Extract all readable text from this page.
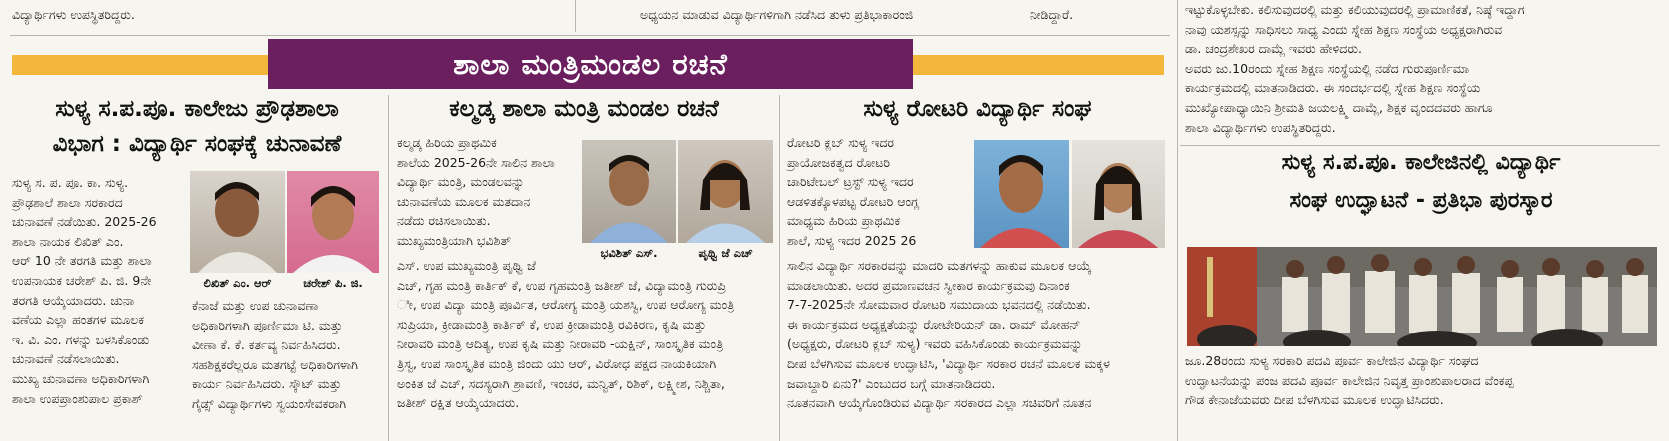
ವಿದ್ಯಾರ್ಥಿಗಳು ಉಪಸ್ಥಿತರಿದ್ದರು.	ಅಧ್ಯಯನ ಮಾಡುವ ವಿದ್ಯಾರ್ಥಿಗಳಿಗಾಗಿ ನಡೆಸಿದ ತುಳು ಪ್ರತಿಭಾಕಾರಂಜಿ	ನೀಡಿದ್ದಾರೆ.
ಶಾಲಾ ಮಂತ್ರಿಮಂಡಲ ರಚನೆ
ಸುಳ್ಯ ಸ.ಪ.ಪೂ. ಕಾಲೇಜು ಪ್ರೌಢಶಾಲಾ
ವಿಭಾಗ : ವಿದ್ಯಾರ್ಥಿ ಸಂಘಕ್ಕೆ ಚುನಾವಣೆ
ಸುಳ್ಯ ಸ. ಪ. ಪೂ. ಕಾ. ಸುಳ್ಯ.
ಪ್ರೌಢಶಾಲೆ ಶಾಲಾ ಸರಕಾರದ
ಚುನಾವಣೆ ನಡೆಯಿತು. 2025-26
ಶಾಲಾ ನಾಯಕ ಲಿಖಿತ್ ಎಂ.
ಆರ್ 10 ನೇ ತರಗತಿ ಮತ್ತು ಶಾಲಾ
ಉಪನಾಯಕ ಚರೇಶ್ ಪಿ. ಜಿ. 9ನೇ
ತರಗತಿ ಆಯ್ಕೆಯಾದರು. ಚುನಾ
ವಣೆಯ ಎಲ್ಲಾ ಹಂತಗಳ ಮೂಲಕ
ಇ. ವಿ. ಎಂ. ಗಳನ್ನು ಬಳಸಿಕೊಂಡು
ಚುನಾವಣೆ ನಡೆಸಲಾಯಿತು.
ಮುಖ್ಯ ಚುನಾವಣಾ ಅಧಿಕಾರಿಗಳಾಗಿ
ಶಾಲಾ ಉಪಪ್ರಾಂಶುಪಾಲ ಪ್ರಕಾಶ್
ಲಿಖಿತ್ ಎಂ. ಆರ್	ಚರೇಶ್ ಪಿ. ಜಿ.
ಕೆನಾಜೆ ಮತ್ತು ಉಪ ಚುನಾವಣಾ
ಅಧಿಕಾರಿಗಳಾಗಿ ಪೂರ್ಣಿಮಾ ಟಿ. ಮತ್ತು
ವೀಣಾ ಕೆ. ಕೆ. ಕರ್ತವ್ಯ ನಿರ್ವಹಿಸಿದರು.
ಸಹಶಿಕ್ಷಕರೆಲ್ಲರೂ ಮತಗಟ್ಟೆ ಅಧಿಕಾರಿಗಳಾಗಿ
ಕಾರ್ಯ ನಿರ್ವಹಿಸಿದರು. ಸ್ಕೌಟ್ ಮತ್ತು
ಗೈಡ್ಸ್ ವಿದ್ಯಾರ್ಥಿಗಳು ಸ್ವಯಂಸೇವಕರಾಗಿ
ಕಲ್ಮಡ್ಕ ಶಾಲಾ ಮಂತ್ರಿ ಮಂಡಲ ರಚನೆ
ಕಲ್ಮಡ್ಕ ಹಿರಿಯ ಪ್ರಾಥಮಿಕ
ಶಾಲೆಯ 2025-26ನೇ ಸಾಲಿನ ಶಾಲಾ
ವಿದ್ಯಾರ್ಥಿ ಮಂತ್ರಿ, ಮಂಡಲವನ್ನು
ಚುನಾವಣೆಯ ಮೂಲಕ ಮತದಾನ
ನಡೆದು ರಚಿಸಲಾಯಿತು.
ಮುಖ್ಯಮಂತ್ರಿಯಾಗಿ ಭವಿಶಿತ್
ಭವಿಶಿತ್ ಎಸ್.	ಪೃಥ್ವಿ ಜೆ ಎಚ್
ಎಸ್. ಉಪ ಮುಖ್ಯಮಂತ್ರಿ ಪೃಥ್ವಿ ಜೆ
ಎಚ್, ಗೃಹ ಮಂತ್ರಿ ಕಾರ್ತಿಕ್ ಕೆ, ಉಪ ಗೃಹಮಂತ್ರಿ ಜತೀಶ್ ಜೆ, ವಿದ್ಯಾಮಂತ್ರಿ ಗುರುಪ್ರಿ
ೀ, ಉಪ ವಿದ್ಯಾ ಮಂತ್ರಿ ಪೂರ್ವಿತ, ಆರೋಗ್ಯ ಮಂತ್ರಿ ಯಶಸ್ವಿ, ಉಪ ಆರೋಗ್ಯ ಮಂತ್ರಿ
ಸುಪ್ರಿಯಾ, ಕ್ರೀಡಾಮಂತ್ರಿ ಕಾರ್ತಿಕ್ ಕೆ, ಉಪ ಕ್ರೀಡಾಮಂತ್ರಿ ರವಿಕಿರಣ, ಕೃಷಿ ಮತ್ತು
ನೀರಾವರಿ ಮಂತ್ರಿ ಆದಿತ್ಯ, ಉಪ ಕೃಷಿ ಮತ್ತು ನೀರಾವರಿ -ಯಕ್ಷಿನ್, ಸಾಂಸ್ಕೃತಿಕ ಮಂತ್ರಿ
ತ್ರಿಸ್ವ, ಉಪ ಸಾಂಸ್ಕೃತಿಕ ಮಂತ್ರಿ ಜಿಂದು ಯು ಆರ್, ವಿರೋಧ ಪಕ್ಷದ ನಾಯಕಿಯಾಗಿ
ಅಂಕಿತ ಜೆ ಎಚ್, ಸದಸ್ಯರಾಗಿ ಶ್ರಾವಣಿ, ಇಂಚರ, ಮನ್ವಿತ್, ರಿಶಿಕ್, ಲಕ್ಷ್ಮೀಶ, ನಿಶ್ಚಿತಾ,
ಜತೀಶ್ ರಕ್ಷಿತ ಆಯ್ಕೆಯಾದರು.
ಸುಳ್ಯ ರೋಟರಿ ವಿದ್ಯಾರ್ಥಿ ಸಂಘ
ರೋಟರಿ ಕ್ಲಬ್ ಸುಳ್ಯ ಇದರ
ಪ್ರಾಯೋಜಕತ್ವದ ರೋಟರಿ
ಚಾರಿಟೇಬಲ್ ಟ್ರಸ್ಟ್ ಸುಳ್ಯ ಇದರ
ಆಡಳಿತಕ್ಕೊಳಪಟ್ಟ ರೋಟರಿ ಆಂಗ್ಲ
ಮಾಧ್ಯಮ ಹಿರಿಯ ಪ್ರಾಥಮಿಕ
ಶಾಲೆ, ಸುಳ್ಯ ಇದರ 2025 26
ಸಾಲಿನ ವಿದ್ಯಾರ್ಥಿ ಸರಕಾರವನ್ನು ಮಾದರಿ ಮತಗಳನ್ನು ಹಾಕುವ ಮೂಲಕ ಆಯ್ಕೆ
ಮಾಡಲಾಯಿತು. ಅದರ ಪ್ರಮಾಣವಚನ ಸ್ವೀಕಾರ ಕಾರ್ಯಕ್ರಮವು ದಿನಾಂಕ
7-7-2025ನೇ ಸೋಮವಾರ ರೋಟರಿ ಸಮುದಾಯ ಭವನದಲ್ಲಿ ನಡೆಯಿತು.
ಈ ಕಾರ್ಯಕ್ರಮದ ಅಧ್ಯಕ್ಷತೆಯನ್ನು ರೋಟೇರಿಯನ್ ಡಾ. ರಾಮ್ ಮೋಹನ್
(ಅಧ್ಯಕ್ಷರು, ರೋಟರಿ ಕ್ಲಬ್ ಸುಳ್ಯ) ಇವರು ವಹಿಸಿಕೊಂಡು ಕಾರ್ಯಕ್ರಮವನ್ನು
ದೀಪ ಬೆಳಗಿಸುವ ಮೂಲಕ ಉದ್ಘಾಟಿಸಿ, 'ವಿದ್ಯಾರ್ಥಿ ಸರಕಾರ ರಚನೆ ಮೂಲಕ ಮಕ್ಕಳ
ಜವಾಬ್ದಾರಿ ಏನು?' ಎಂಬುದರ ಬಗ್ಗೆ ಮಾತನಾಡಿದರು.
ನೂತನವಾಗಿ ಆಯ್ಕೆಗೊಂಡಿರುವ ವಿದ್ಯಾರ್ಥಿ ಸರಕಾರದ ಎಲ್ಲಾ ಸಚಿವರಿಗೆ ನೂತನ
ಇಟ್ಟುಕೊಳ್ಳಬೇಕು. ಕಲಿಸುವುದರಲ್ಲಿ ಮತ್ತು ಕಲಿಯುವುದರಲ್ಲಿ ಪ್ರಾಮಾಣಿಕತೆ, ನಿಷ್ಠೆ ಇದ್ದಾಗ
ನಾವು ಯಶಸ್ಸನ್ನು ಸಾಧಿಸಲು ಸಾಧ್ಯ ಎಂದು ಸ್ನೇಹ ಶಿಕ್ಷಣ ಸಂಸ್ಥೆಯ ಅಧ್ಯಕ್ಷರಾಗಿರುವ
ಡಾ. ಚಂದ್ರಶೇಖರ ದಾಮ್ಲೆ ಇವರು ಹೇಳಿದರು.
ಅವರು ಜು.10ರಂದು ಸ್ನೇಹ ಶಿಕ್ಷಣ ಸಂಸ್ಥೆಯಲ್ಲಿ ನಡೆದ ಗುರುಪೂರ್ಣಿಮಾ
ಕಾರ್ಯಕ್ರಮದಲ್ಲಿ ಮಾತನಾಡಿದರು. ಈ ಸಂದರ್ಭದಲ್ಲಿ ಸ್ನೇಹ ಶಿಕ್ಷಣ ಸಂಸ್ಥೆಯ
ಮುಖ್ಯೋಪಾಧ್ಯಾಯಿನಿ ಶ್ರೀಮತಿ ಜಯಲಕ್ಷ್ಮಿ ದಾಮ್ಲೆ, ಶಿಕ್ಷಕ ವೃಂದದವರು ಹಾಗೂ
ಶಾಲಾ ವಿದ್ಯಾರ್ಥಿಗಳು ಉಪಸ್ಥಿತರಿದ್ದರು.
ಸುಳ್ಯ ಸ.ಪ.ಪೂ. ಕಾಲೇಜಿನಲ್ಲಿ ವಿದ್ಯಾರ್ಥಿ
ಸಂಘ ಉದ್ಘಾಟನೆ - ಪ್ರತಿಭಾ ಪುರಸ್ಕಾರ
ಜೂ.28ರಂದು ಸುಳ್ಯ ಸರಕಾರಿ ಪದವಿ ಪೂರ್ವ ಕಾಲೇಜಿನ ವಿದ್ಯಾರ್ಥಿ ಸಂಘದ
ಉದ್ಘಾಟನೆಯನ್ನು ಪಂಜ ಪದವಿ ಪೂರ್ವ ಕಾಲೇಜಿನ ನಿವೃತ್ತ ಪ್ರಾಂಶುಪಾಲರಾದ ವೆಂಕಪ್ಪ
ಗೌಡ ಕೇನಾಜೆಯವರು ದೀಪ ಬೆಳಗಿಸುವ ಮೂಲಕ ಉದ್ಘಾಟಿಸಿದರು.
